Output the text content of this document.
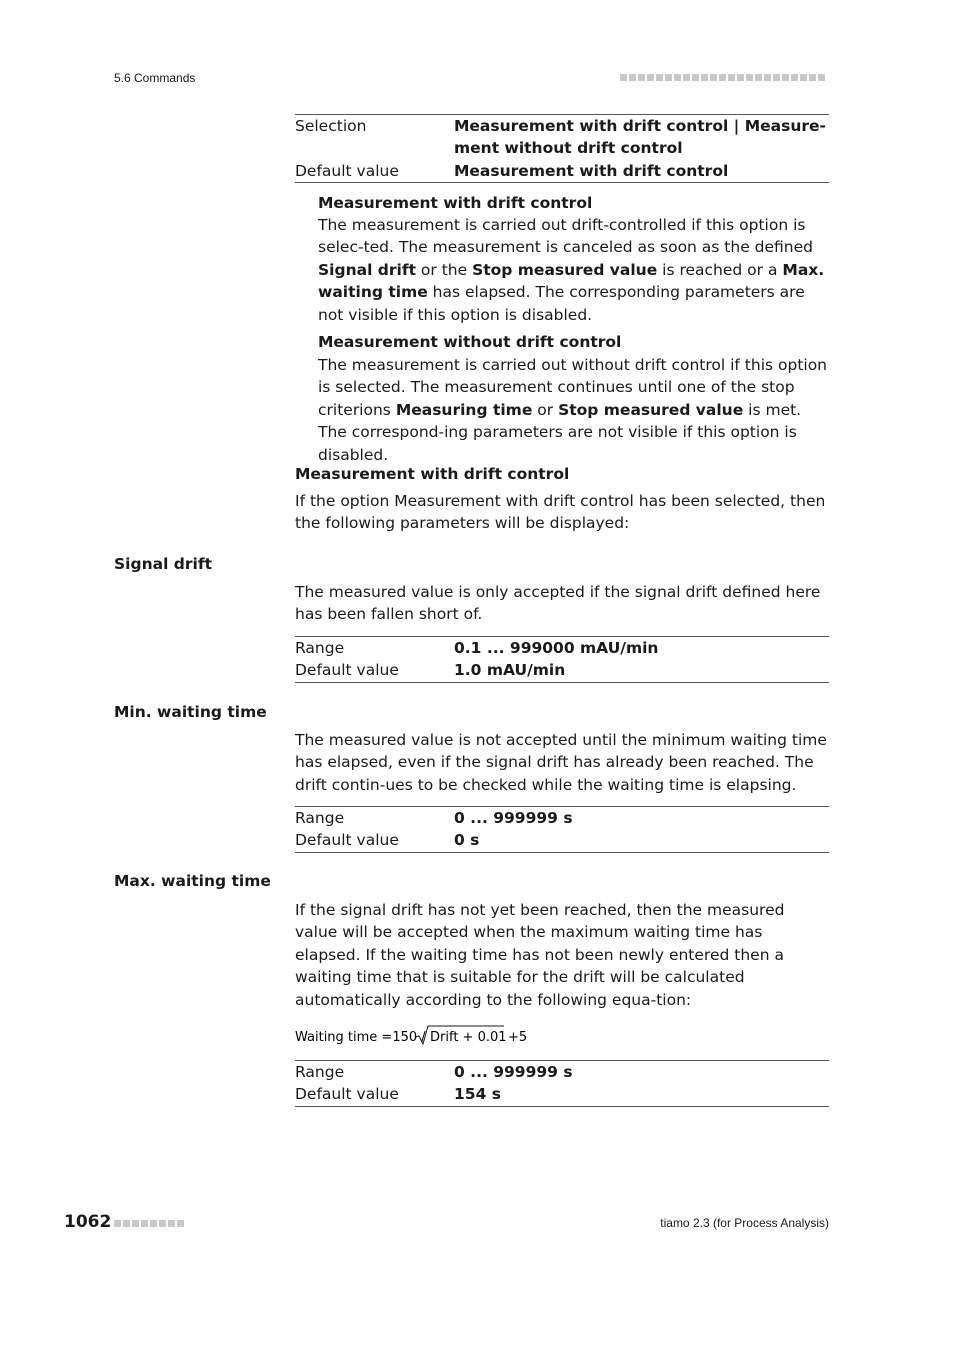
5.6 Commands
Selection	Measurement with drift control | Measure-ment without drift control
Default value	Measurement with drift control
Measurement with drift control
The measurement is carried out drift-controlled if this option is selec-ted. The measurement is canceled as soon as the defined Signal drift or the Stop measured value is reached or a Max. waiting time has elapsed. The corresponding parameters are not visible if this option is disabled.
Measurement without drift control
The measurement is carried out without drift control if this option is selected. The measurement continues until one of the stop criterions Measuring time or Stop measured value is met. The correspond-ing parameters are not visible if this option is disabled.
Measurement with drift control
If the option Measurement with drift control has been selected, then the following parameters will be displayed:
Signal drift
The measured value is only accepted if the signal drift defined here has been fallen short of.
Range	0.1 ... 999000 mAU/min
Default value	1.0 mAU/min
Min. waiting time
The measured value is not accepted until the minimum waiting time has elapsed, even if the signal drift has already been reached. The drift contin-ues to be checked while the waiting time is elapsing.
Range	0 ... 999999 s
Default value	0 s
Max. waiting time
If the signal drift has not yet been reached, then the measured value will be accepted when the maximum waiting time has elapsed. If the waiting time has not been newly entered then a waiting time that is suitable for the drift will be calculated automatically according to the following equa-tion:
Waiting time =150 / Drift + 0.01 +5
Range	0 ... 999999 s
Default value	154 s
1062	tiamo 2.3 (for Process Analysis)
